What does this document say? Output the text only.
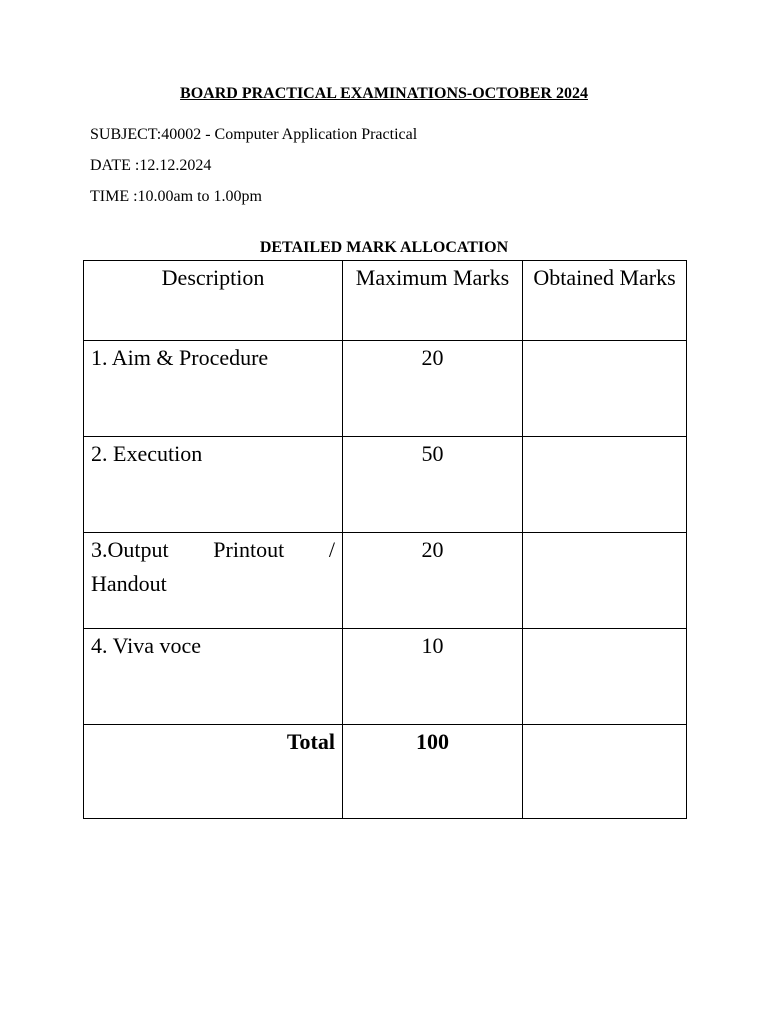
BOARD PRACTICAL EXAMINATIONS-OCTOBER 2024
SUBJECT:40002 - Computer Application Practical
DATE :12.12.2024
TIME :10.00am to 1.00pm
DETAILED MARK ALLOCATION
Description	Maximum Marks	Obtained Marks
1. Aim & Procedure	20	
2. Execution	50	
3.Output Printout / Handout	20	
4. Viva voce	10	
Total	100	
